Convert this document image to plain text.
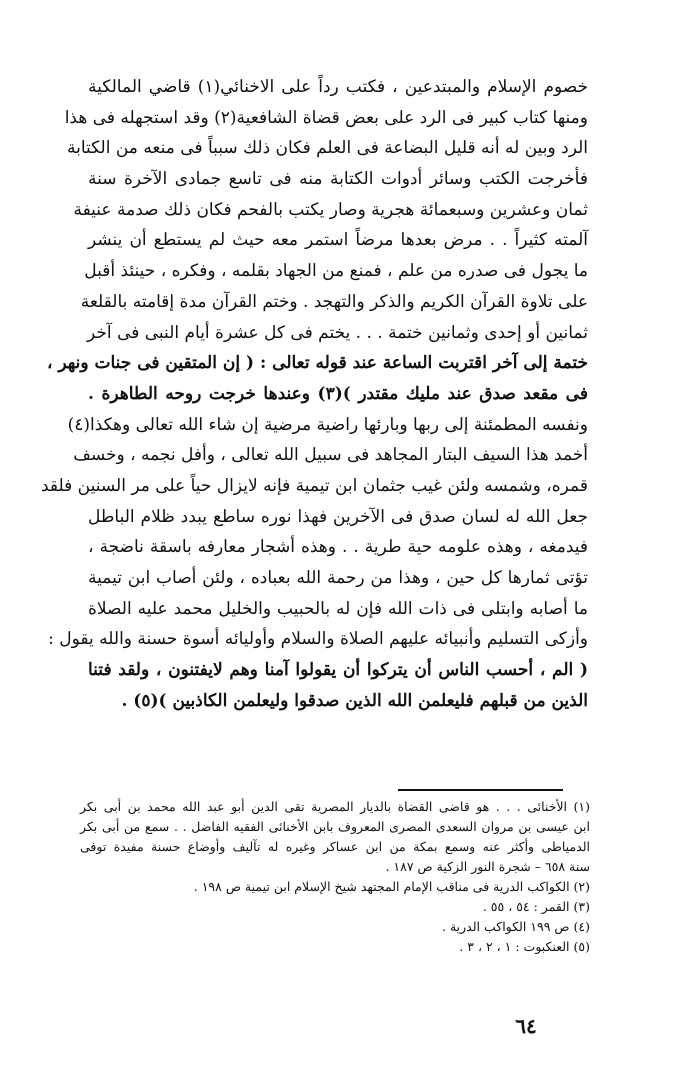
خصوم الإسلام والمبتدعين ، فكتب رداً على الاخنائي(١) قاضي المالكية
ومنها كتاب كبير فى الرد على بعض قضاة الشافعية(٢) وقد استجهله فى هذا
الرد وبين له أنه قليل البضاعة فى العلم فكان ذلك سبباً فى منعه من الكتابة
فأخرجت الكتب وسائر أدوات الكتابة منه فى تاسع جمادى الآخرة سنة
ثمان وعشرين وسبعمائة هجرية وصار يكتب بالفحم فكان ذلك صدمة عنيفة
آلمته كثيراً . . مرض بعدها مرضاً استمر معه حيث لم يستطع أن ينشر
ما يجول فى صدره من علم ، فمنع من الجهاد بقلمه ، وفكره ، حينئذ أقبل
على تلاوة القرآن الكريم والذكر والتهجد . وختم القرآن مدة إقامته بالقلعة
ثمانين أو إحدى وثمانين ختمة . . . يختم فى كل عشرة أيام النبى فى آخر
ختمة إلى آخر اقتربت الساعة عند قوله تعالى : ( إن المتقين فى جنات ونهر ،
فى مقعد صدق عند مليك مقتدر )(٣) وعندها خرجت روحه الطاهرة .
ونفسه المطمئنة إلى ربها وبارئها راضية مرضية إن شاء الله تعالى وهكذا(٤)
أخمد هذا السيف البتار المجاهد فى سبيل الله تعالى ، وأفل نجمه ، وخسف
قمره، وشمسه ولئن غيب جثمان ابن تيمية فإنه لايزال حياً على مر السنين فلقد
جعل الله له لسان صدق فى الآخرين فهذا نوره ساطع يبدد ظلام الباطل
فيدمغه ، وهذه علومه حية طرية . . وهذه أشجار معارفه باسقة ناضجة ،
تؤتى ثمارها كل حين ، وهذا من رحمة الله بعباده ، ولئن أصاب ابن تيمية
ما أصابه وابتلى فى ذات الله فإن له بالحبيب والخليل محمد عليه الصلاة
وأزكى التسليم وأنبيائه عليهم الصلاة والسلام وأوليائه أسوة حسنة والله يقول :
( الم ، أحسب الناس أن يتركوا أن يقولوا آمنا وهم لايفتنون ، ولقد فتنا
الذين من قبلهم فليعلمن الله الذين صدقوا وليعلمن الكاذبين )(٥) .
(١) الأخنائى . . . هو قاضى القضاة بالديار المصرية تقى الدين أبو عبد الله محمد بن أبى بكر
ابن عيسى بن مروان السعدى المصرى المعروف بابن الأخنائى الفقيه الفاضل . . سمع من أبى بكر
الدمياطى وأكثر عنه وسمع بمكة من ابن عساكر وغيره له تآليف وأوضاع حسنة مفيدة توفى
سنة ٦٥٨ – شجرة النور الزكية ص ١٨٧ .
(٢) الكواكب الدرية فى مناقب الإمام المجتهد شيخ الإسلام ابن تيمية ص ١٩٨ .
(٣) القمر : ٥٤ ، ٥٥ .
(٤) ص ١٩٩ الكواكب الدرية .
(٥) العنكبوت : ١ ، ٢ ، ٣ .
٦٤
